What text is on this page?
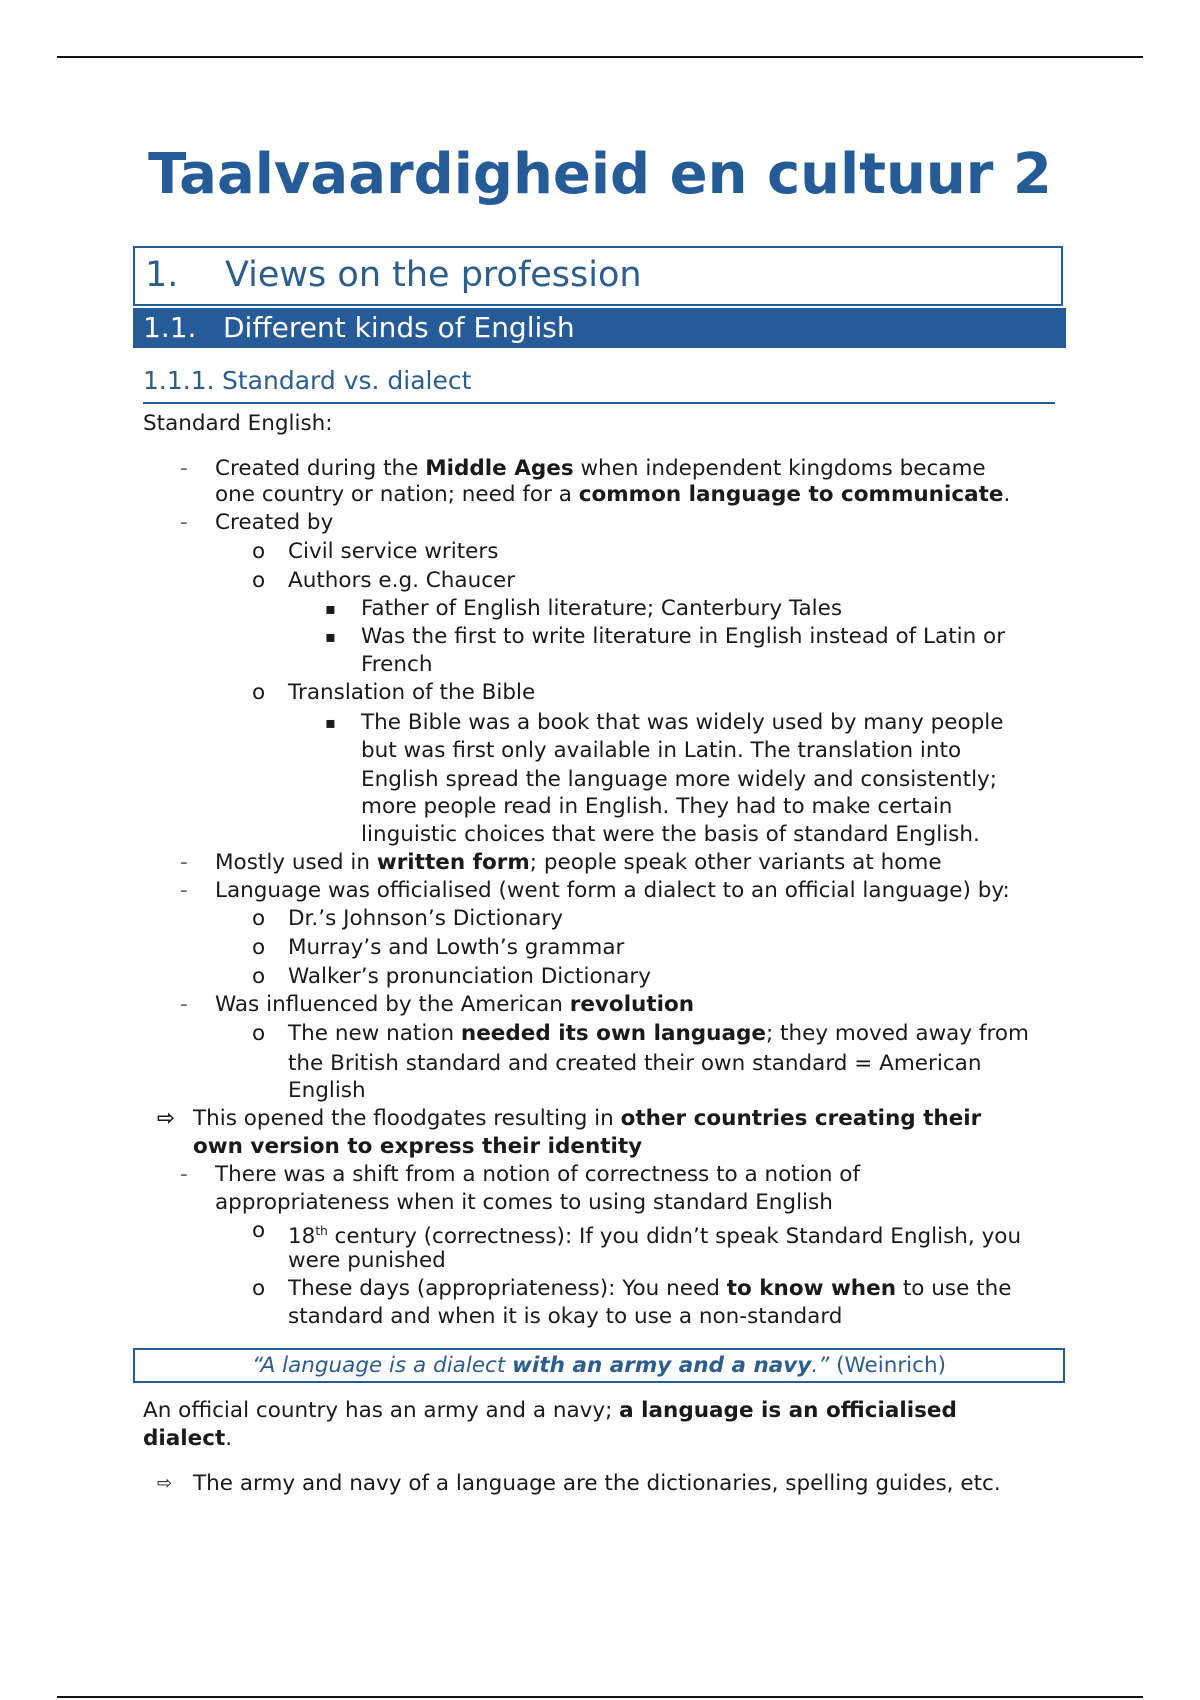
Taalvaardigheid en cultuur 2
1. Views on the profession
1.1. Different kinds of English
1.1.1. Standard vs. dialect
Standard English:
- Created during the Middle Ages when independent kingdoms became
one country or nation; need for a common language to communicate.
- Created by
o Civil service writers
o Authors e.g. Chaucer
▪ Father of English literature; Canterbury Tales
▪ Was the first to write literature in English instead of Latin or
French
o Translation of the Bible
▪ The Bible was a book that was widely used by many people
but was first only available in Latin. The translation into
English spread the language more widely and consistently;
more people read in English. They had to make certain
linguistic choices that were the basis of standard English.
- Mostly used in written form; people speak other variants at home
- Language was officialised (went form a dialect to an official language) by:
o Dr.’s Johnson’s Dictionary
o Murray’s and Lowth’s grammar
o Walker’s pronunciation Dictionary
- Was influenced by the American revolution
o The new nation needed its own language; they moved away from
the British standard and created their own standard = American
English
⇨ This opened the floodgates resulting in other countries creating their
own version to express their identity
- There was a shift from a notion of correctness to a notion of
appropriateness when it comes to using standard English
o 18th century (correctness): If you didn’t speak Standard English, you
were punished
o These days (appropriateness): You need to know when to use the
standard and when it is okay to use a non-standard
“A language is a dialect with an army and a navy.” (Weinrich)
An official country has an army and a navy; a language is an officialised
dialect.
⇨ The army and navy of a language are the dictionaries, spelling guides, etc.
